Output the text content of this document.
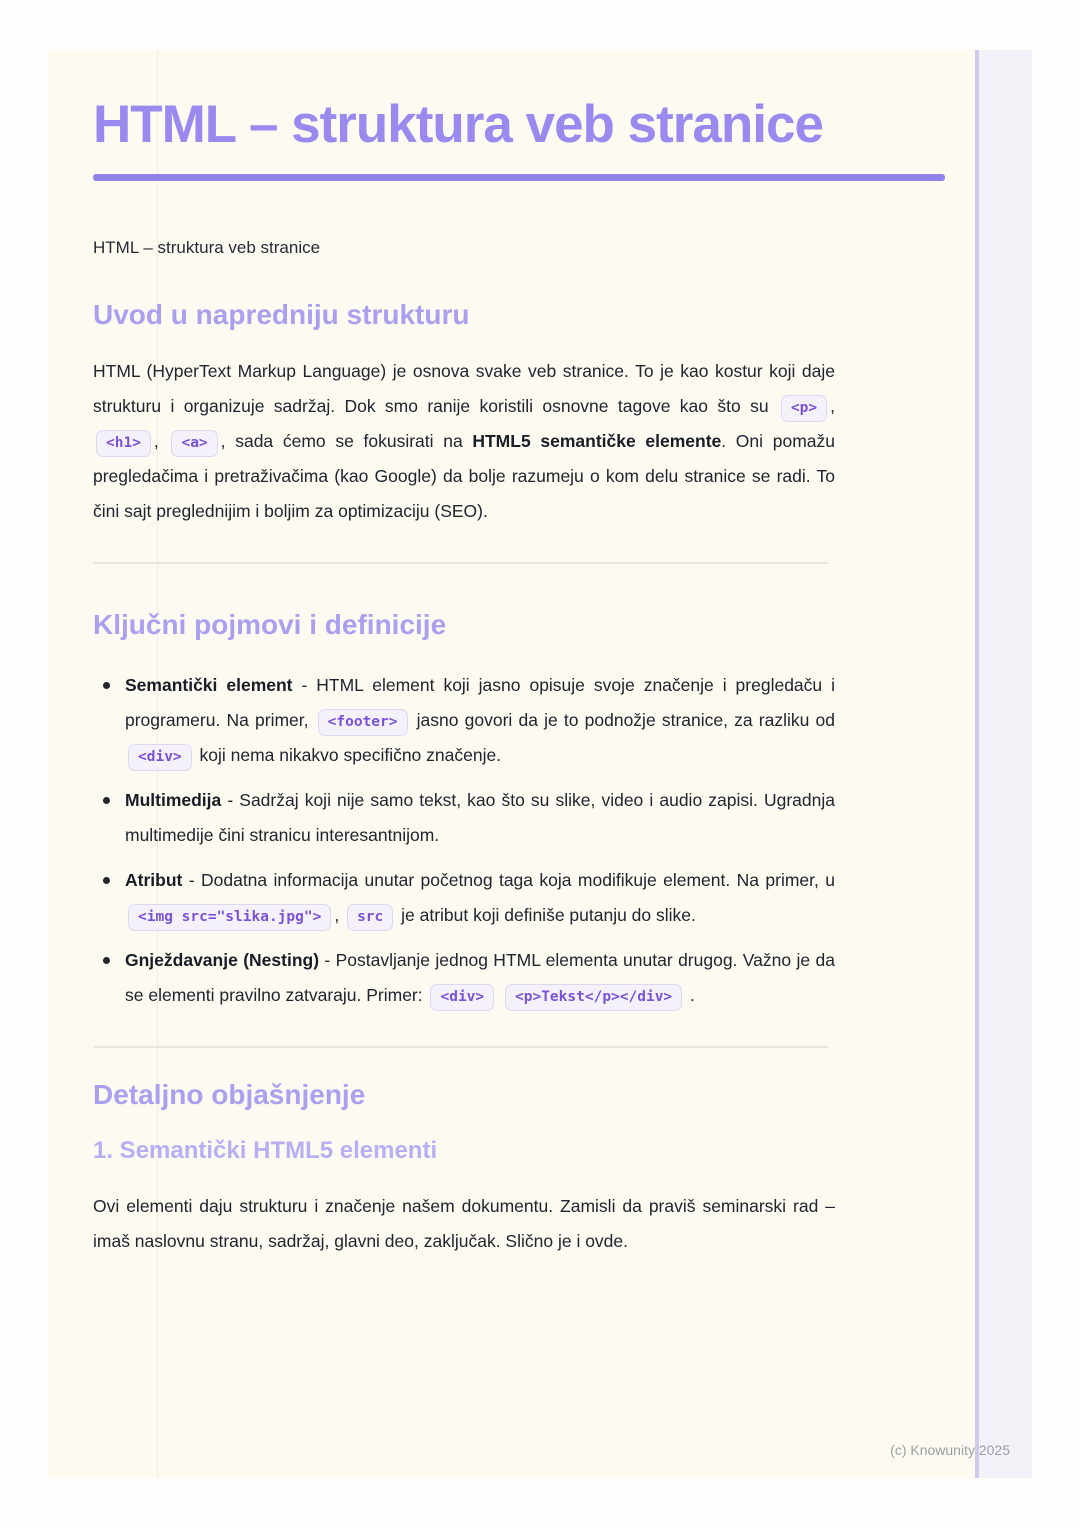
HTML – struktura veb stranice
HTML – struktura veb stranice
Uvod u napredniju strukturu

HTML (HyperText Markup Language) je osnova svake veb stranice. To je kao kostur koji daje strukturu i organizuje sadržaj. Dok smo ranije koristili osnovne tagove kao što su <p> , <h1> , <a> , sada ćemo se fokusirati na HTML5 semantičke elemente. Oni pomažu pregledačima i pretraživačima (kao Google) da bolje razumeju o kom delu stranice se radi. To čini sajt preglednijim i boljim za optimizaciju (SEO).

Ključni pojmovi i definicije
Semantički element - HTML element koji jasno opisuje svoje značenje i pregledaču i programeru. Na primer, <footer> jasno govori da je to podnožje stranice, za razliku od <div> koji nema nikakvo specifično značenje.
Multimedija - Sadržaj koji nije samo tekst, kao što su slike, video i audio zapisi. Ugradnja multimedije čini stranicu interesantnijom.
Atribut - Dodatna informacija unutar početnog taga koja modifikuje element. Na primer, u <img src="slika.jpg"> , src je atribut koji definiše putanju do slike.
Gnježdavanje (Nesting) - Postavljanje jednog HTML elementa unutar drugog. Važno je da se elementi pravilno zatvaraju. Primer: <div> <p>Tekst</p></div> .
Detaljno objašnjenje
1. Semantički HTML5 elementi

Ovi elementi daju strukturu i značenje našem dokumentu. Zamisli da praviš seminarski rad – imaš naslovnu stranu, sadržaj, glavni deo, zaključak. Slično je i ovde.

(c) Knowunity 2025
